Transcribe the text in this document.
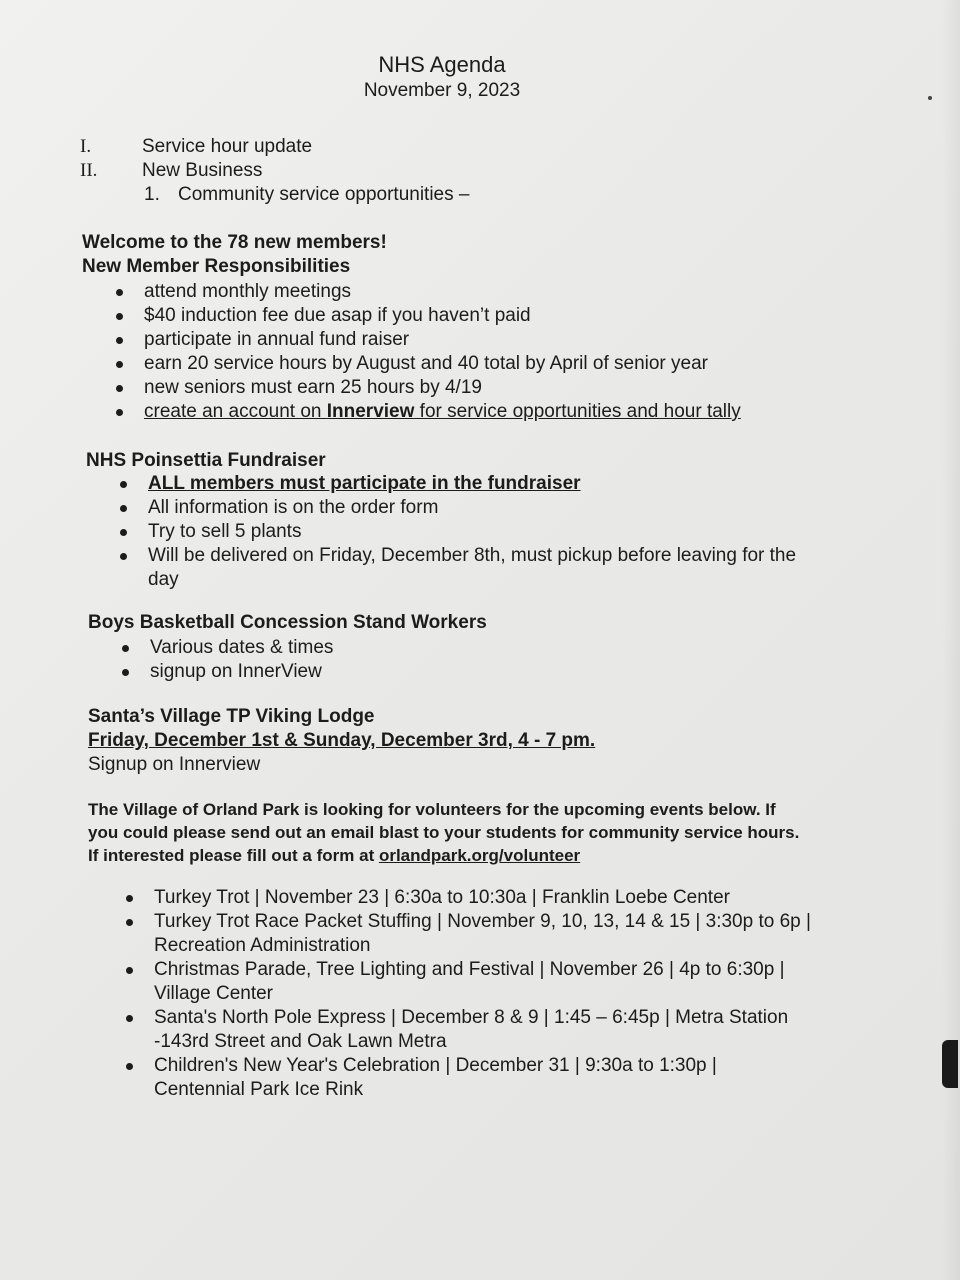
NHS Agenda
November 9, 2023
I.	Service hour update
II. New Business
1. Community service opportunities –
Welcome to the 78 new members!
New Member Responsibilities
attend monthly meetings
$40 induction fee due asap if you haven’t paid
participate in annual fund raiser
earn 20 service hours by August and 40 total by April of senior year
new seniors must earn 25 hours by 4/19
create an account on Innerview for service opportunities and hour tally
NHS Poinsettia Fundraiser
ALL members must participate in the fundraiser
All information is on the order form
Try to sell 5 plants
Will be delivered on Friday, December 8th, must pickup before leaving for the day
Boys Basketball Concession Stand Workers
Various dates & times
signup on InnerView
Santa’s Village TP Viking Lodge
Friday, December 1st & Sunday, December 3rd, 4 - 7 pm.
Signup on Innerview
The Village of Orland Park is looking for volunteers for the upcoming events below. If you could please send out an email blast to your students for community service hours. If interested please fill out a form at orlandpark.org/volunteer
Turkey Trot | November 23 | 6:30a to 10:30a | Franklin Loebe Center
Turkey Trot Race Packet Stuffing | November 9, 10, 13, 14 & 15 | 3:30p to 6p | Recreation Administration
Christmas Parade, Tree Lighting and Festival | November 26 | 4p to 6:30p | Village Center
Santa's North Pole Express | December 8 & 9 | 1:45 – 6:45p | Metra Station -143rd Street and Oak Lawn Metra
Children's New Year's Celebration | December 31 | 9:30a to 1:30p | Centennial Park Ice Rink
